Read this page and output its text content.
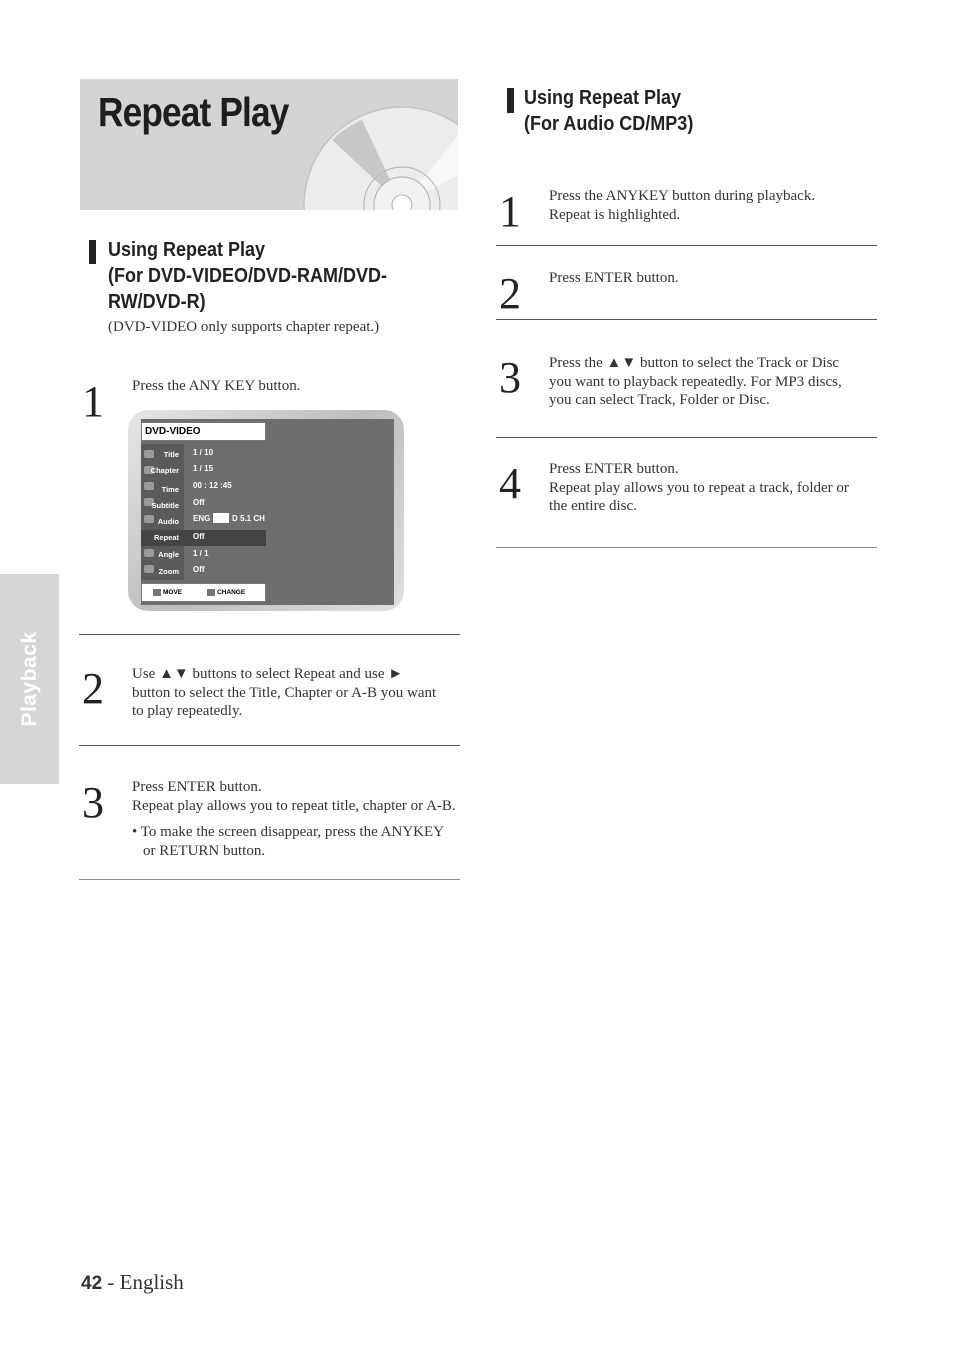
Repeat Play
Playback
Using Repeat Play
(For DVD-VIDEO/DVD-RAM/DVD-
RW/DVD-R)
(DVD-VIDEO only supports chapter repeat.)
1 Press the ANY KEY button.
DVD-VIDEO
Title 1 / 10
Chapter 1 / 15
Time 00 : 12 :45
Subtitle Off
Audio ENG	D 5.1 CH
Repeat Off
Angle 1 / 1
Zoom Off
MOVE	CHANGE
2 Use ▲▼ buttons to select Repeat and use ►
button to select the Title, Chapter or A-B you want
to play repeatedly.
3 Press ENTER button.
Repeat play allows you to repeat title, chapter or A-B.
• To make the screen disappear, press the ANYKEY
or RETURN button.
Using Repeat Play
(For Audio CD/MP3)
1 Press the ANYKEY button during playback.
Repeat is highlighted.
2 Press ENTER button.
3 Press the ▲▼ button to select the Track or Disc
you want to playback repeatedly. For MP3 discs,
you can select Track, Folder or Disc.
4 Press ENTER button.
Repeat play allows you to repeat a track, folder or
the entire disc.
42 - English
